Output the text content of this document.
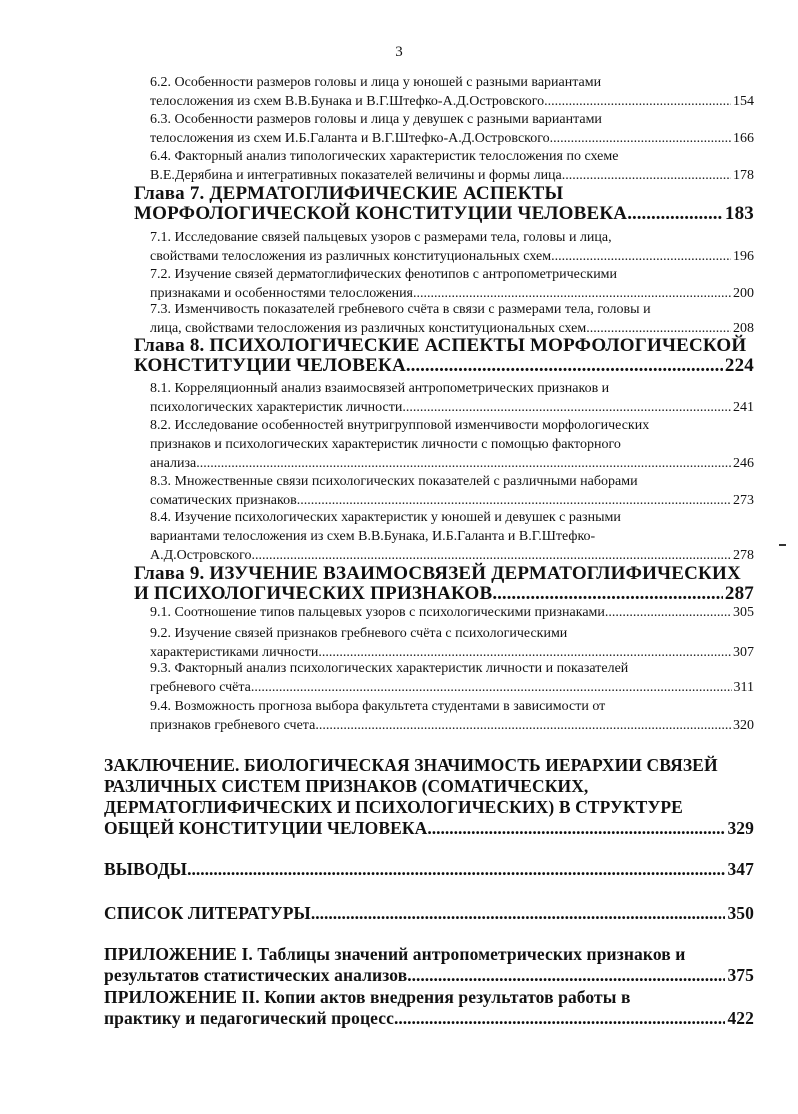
3
6.2. Особенности размеров головы и лица у юношей с разными вариантами
телосложения из схем В.В.Бунака и В.Г.Штефко-А.Д.Островского .....	154
6.3. Особенности размеров головы и лица у девушек с разными вариантами
телосложения из схем И.Б.Галанта и В.Г.Штефко-А.Д.Островского .....	166
6.4. Факторный анализ типологических характеристик телосложения по схеме
В.Е.Дерябина и интегративных показателей величины и формы лица .....	178
Глава 7. ДЕРМАТОГЛИФИЧЕСКИЕ АСПЕКТЫ
МОРФОЛОГИЧЕСКОЙ КОНСТИТУЦИИ ЧЕЛОВЕКА .....	183
7.1. Исследование связей пальцевых узоров с размерами тела, головы и лица,
свойствами телосложения из различных конституциональных схем .....	196
7.2. Изучение связей дерматоглифических фенотипов с антропометрическими
признаками и особенностями телосложения .....	200
7.3. Изменчивость показателей гребневого счёта в связи с размерами тела, головы и
лица, свойствами телосложения из различных конституциональных схем .....	208
Глава 8. ПСИХОЛОГИЧЕСКИЕ АСПЕКТЫ МОРФОЛОГИЧЕСКОЙ
КОНСТИТУЦИИ ЧЕЛОВЕКА .....	224
8.1. Корреляционный анализ взаимосвязей антропометрических признаков и
психологических характеристик личности .....	241
8.2. Исследование особенностей внутригрупповой изменчивости морфологических
признаков и психологических характеристик личности с помощью факторного
анализа .....	246
8.3. Множественные связи психологических показателей с различными наборами
соматических признаков .....	273
8.4. Изучение психологических характеристик у юношей и девушек с разными
вариантами телосложения из схем В.В.Бунака, И.Б.Галанта и В.Г.Штефко-
А.Д.Островского .....	278
Глава 9. ИЗУЧЕНИЕ ВЗАИМОСВЯЗЕЙ ДЕРМАТОГЛИФИЧЕСКИХ
И ПСИХОЛОГИЧЕСКИХ ПРИЗНАКОВ .....	287
9.1. Соотношение типов пальцевых узоров с психологическими признаками .....	305
9.2. Изучение связей признаков гребневого счёта с психологическими
характеристиками личности .....	307
9.3. Факторный анализ психологических характеристик личности и показателей
гребневого счёта .....	311
9.4. Возможность прогноза выбора факультета студентами в зависимости от
признаков гребневого счета .....	320
ЗАКЛЮЧЕНИЕ. БИОЛОГИЧЕСКАЯ ЗНАЧИМОСТЬ ИЕРАРХИИ СВЯЗЕЙ
РАЗЛИЧНЫХ СИСТЕМ ПРИЗНАКОВ (СОМАТИЧЕСКИХ,
ДЕРМАТОГЛИФИЧЕСКИХ И ПСИХОЛОГИЧЕСКИХ) В СТРУКТУРЕ
ОБЩЕЙ КОНСТИТУЦИИ ЧЕЛОВЕКА .....	329
ВЫВОДЫ .....	347
СПИСОК ЛИТЕРАТУРЫ .....	350
ПРИЛОЖЕНИЕ I. Таблицы значений антропометрических признаков и
результатов статистических анализов .....	375
ПРИЛОЖЕНИЕ II. Копии актов внедрения результатов работы в
практику и педагогический процесс .....	422
